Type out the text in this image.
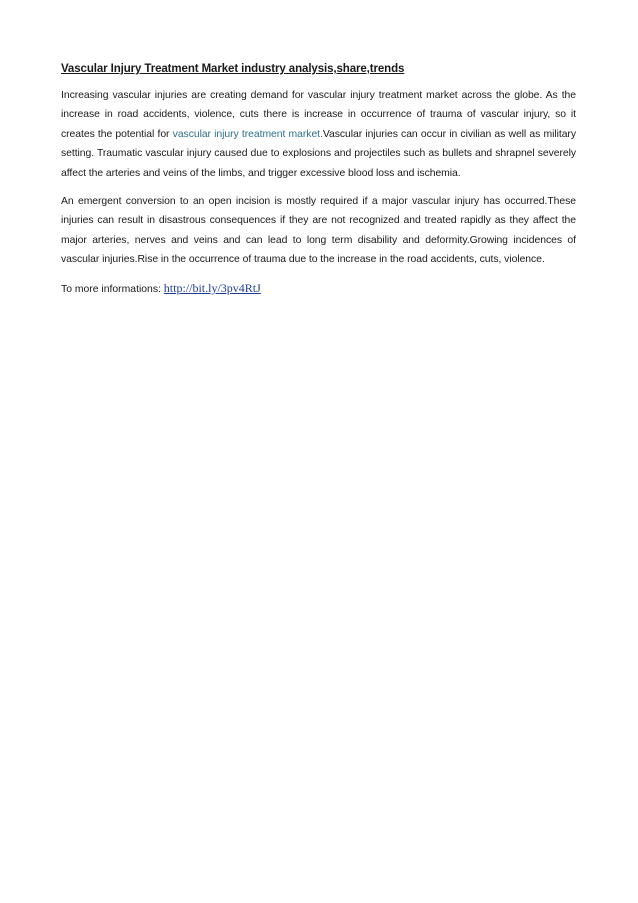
Vascular Injury Treatment Market industry analysis,share,trends

Increasing vascular injuries are creating demand for vascular injury treatment market across the globe. As the increase in road accidents, violence, cuts there is increase in occurrence of trauma of vascular injury, so it creates the potential for vascular injury treatment market.Vascular injuries can occur in civilian as well as military setting. Traumatic vascular injury caused due to explosions and projectiles such as bullets and shrapnel severely affect the arteries and veins of the limbs, and trigger excessive blood loss and ischemia.

An emergent conversion to an open incision is mostly required if a major vascular injury has occurred.These injuries can result in disastrous consequences if they are not recognized and treated rapidly as they affect the major arteries, nerves and veins and can lead to long term disability and deformity.Growing incidences of vascular injuries.Rise in the occurrence of trauma due to the increase in the road accidents, cuts, violence.

To more informations: http://bit.ly/3pv4RtJ
